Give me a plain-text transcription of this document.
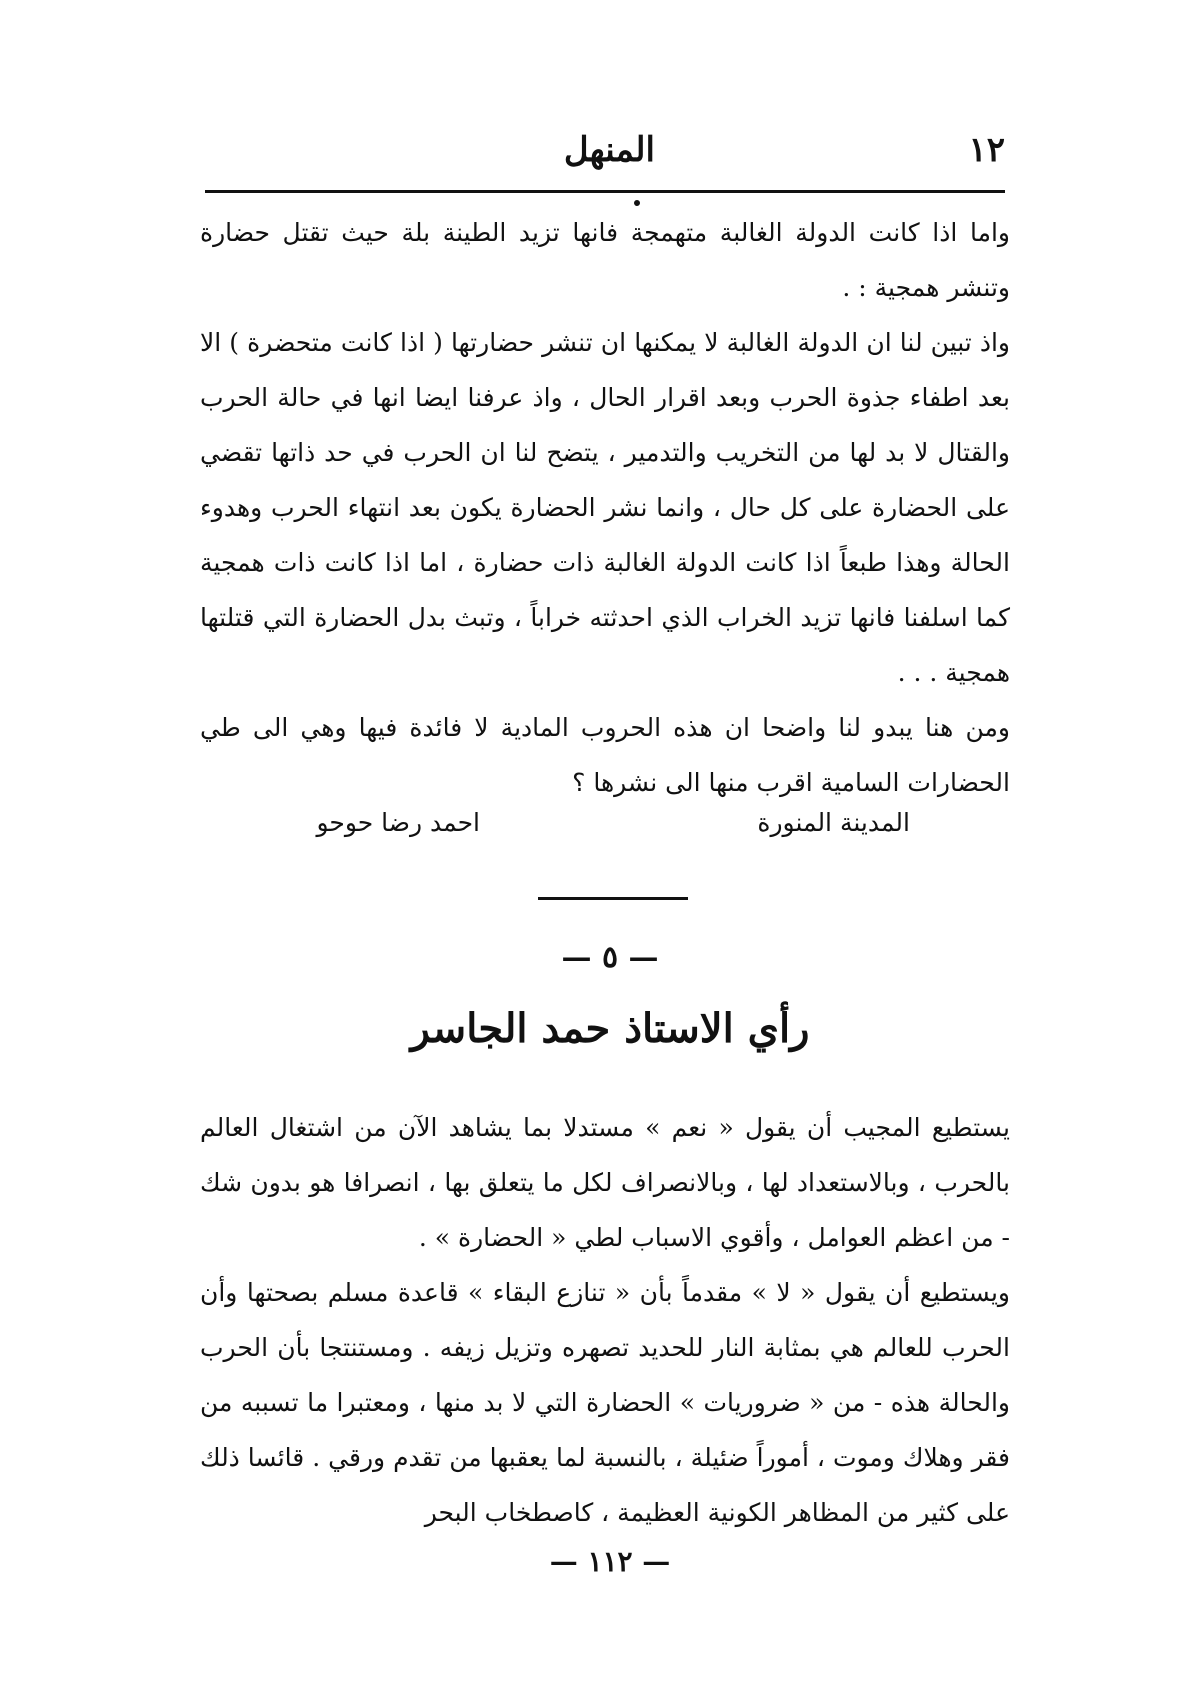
١٢
المنهل

واما اذا كانت الدولة الغالبة متهمجة فانها تزيد الطينة بلة حيث تقتل حضارة وتنشر همجية : .

واذ تبين لنا ان الدولة الغالبة لا يمكنها ان تنشر حضارتها ( اذا كانت متحضرة ) الا بعد اطفاء جذوة الحرب وبعد اقرار الحال ، واذ عرفنا ايضا انها في حالة الحرب والقتال لا بد لها من التخريب والتدمير ، يتضح لنا ان الحرب في حد ذاتها تقضي على الحضارة على كل حال ، وانما نشر الحضارة يكون بعد انتهاء الحرب وهدوء الحالة وهذا طبعاً اذا كانت الدولة الغالبة ذات حضارة ، اما اذا كانت ذات همجية كما اسلفنا فانها تزيد الخراب الذي احدثته خراباً ، وتبث بدل الحضارة التي قتلتها همجية . . .

ومن هنا يبدو لنا واضحا ان هذه الحروب المادية لا فائدة فيها وهي الى طي الحضارات السامية اقرب منها الى نشرها ؟

المدينة المنورة
احمد رضا حوحو
— ٥ —
رأي الاستاذ حمد الجاسر

يستطيع المجيب أن يقول « نعم » مستدلا بما يشاهد الآن من اشتغال العالم بالحرب ، وبالاستعداد لها ، وبالانصراف لكل ما يتعلق بها ، انصرافا هو بدون شك - من اعظم العوامل ، وأقوي الاسباب لطي « الحضارة » .

ويستطيع أن يقول « لا » مقدماً بأن « تنازع البقاء » قاعدة مسلم بصحتها وأن الحرب للعالم هي بمثابة النار للحديد تصهره وتزيل زيفه . ومستنتجا بأن الحرب والحالة هذه - من « ضروريات » الحضارة التي لا بد منها ، ومعتبرا ما تسببه من فقر وهلاك وموت ، أموراً ضئيلة ، بالنسبة لما يعقبها من تقدم ورقي . قائسا ذلك على كثير من المظاهر الكونية العظيمة ، كاصطخاب البحر

— ١١٢ —
